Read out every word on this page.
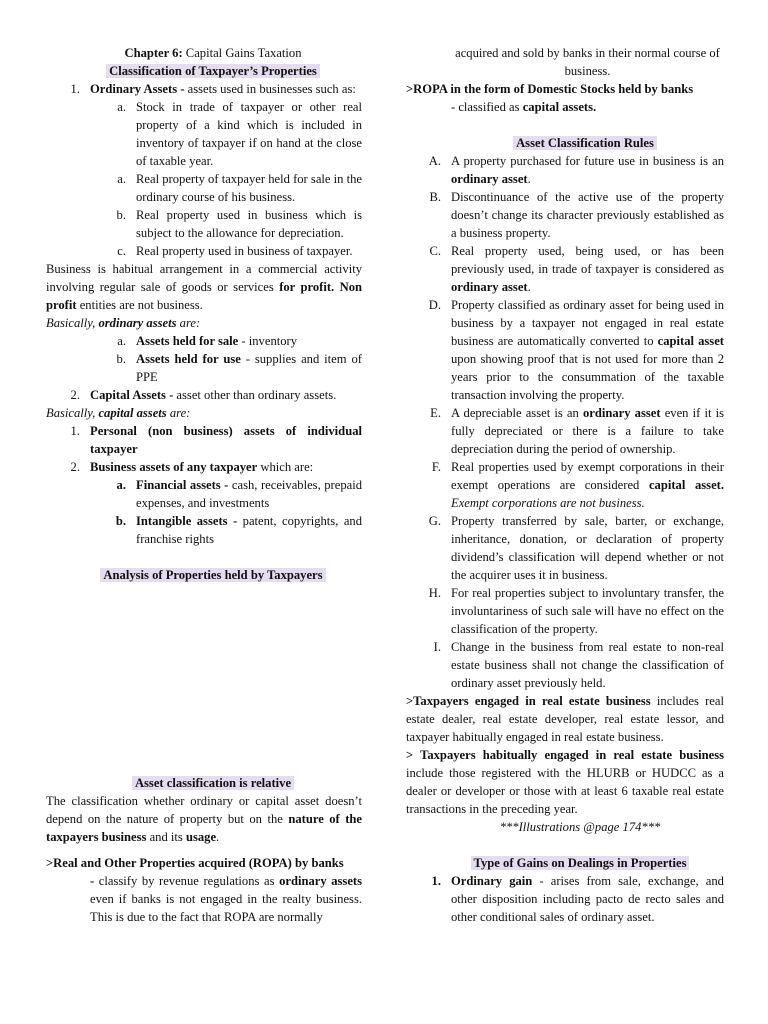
Chapter 6: Capital Gains Taxation

Classification of Taxpayer’s Properties

1. Ordinary Assets - assets used in businesses such as:
a. Stock in trade of taxpayer or other real property of a kind which is included in inventory of taxpayer if on hand at the close of taxable year.
a. Real property of taxpayer held for sale in the ordinary course of his business.
b. Real property used in business which is subject to the allowance for depreciation.
c. Real property used in business of taxpayer.

Business is habitual arrangement in a commercial activity involving regular sale of goods or services for profit. Non profit entities are not business.

Basically, ordinary assets are:

a. Assets held for sale - inventory
b. Assets held for use - supplies and item of PPE
2. Capital Assets - asset other than ordinary assets.

Basically, capital assets are:

1. Personal (non business) assets of individual taxpayer
2. Business assets of any taxpayer which are:
a. Financial assets - cash, receivables, prepaid expenses, and investments
b. Intangible assets - patent, copyrights, and franchise rights

Analysis of Properties held by Taxpayers

Asset classification is relative

The classification whether ordinary or capital asset doesn’t depend on the nature of property but on the nature of the taxpayers business and its usage.

>Real and Other Properties acquired (ROPA) by banks

- classify by revenue regulations as ordinary assets even if banks is not engaged in the realty business. This is due to the fact that ROPA are normally

acquired and sold by banks in their normal course of business.

>ROPA in the form of Domestic Stocks held by banks

- classified as capital assets.

Asset Classification Rules

A. A property purchased for future use in business is an ordinary asset.
B. Discontinuance of the active use of the property doesn’t change its character previously established as a business property.
C. Real property used, being used, or has been previously used, in trade of taxpayer is considered as ordinary asset.
D. Property classified as ordinary asset for being used in business by a taxpayer not engaged in real estate business are automatically converted to capital asset upon showing proof that is not used for more than 2 years prior to the consummation of the taxable transaction involving the property.
E. A depreciable asset is an ordinary asset even if it is fully depreciated or there is a failure to take depreciation during the period of ownership.
F. Real properties used by exempt corporations in their exempt operations are considered capital asset. Exempt corporations are not business.
G. Property transferred by sale, barter, or exchange, inheritance, donation, or declaration of property dividend’s classification will depend whether or not the acquirer uses it in business.
H. For real properties subject to involuntary transfer, the involuntariness of such sale will have no effect on the classification of the property.
I. Change in the business from real estate to non-real estate business shall not change the classification of ordinary asset previously held.

>Taxpayers engaged in real estate business includes real estate dealer, real estate developer, real estate lessor, and taxpayer habitually engaged in real estate business.

> Taxpayers habitually engaged in real estate business include those registered with the HLURB or HUDCC as a dealer or developer or those with at least 6 taxable real estate transactions in the preceding year.

***Illustrations @page 174***

Type of Gains on Dealings in Properties

1. Ordinary gain - arises from sale, exchange, and other disposition including pacto de recto sales and other conditional sales of ordinary asset.
